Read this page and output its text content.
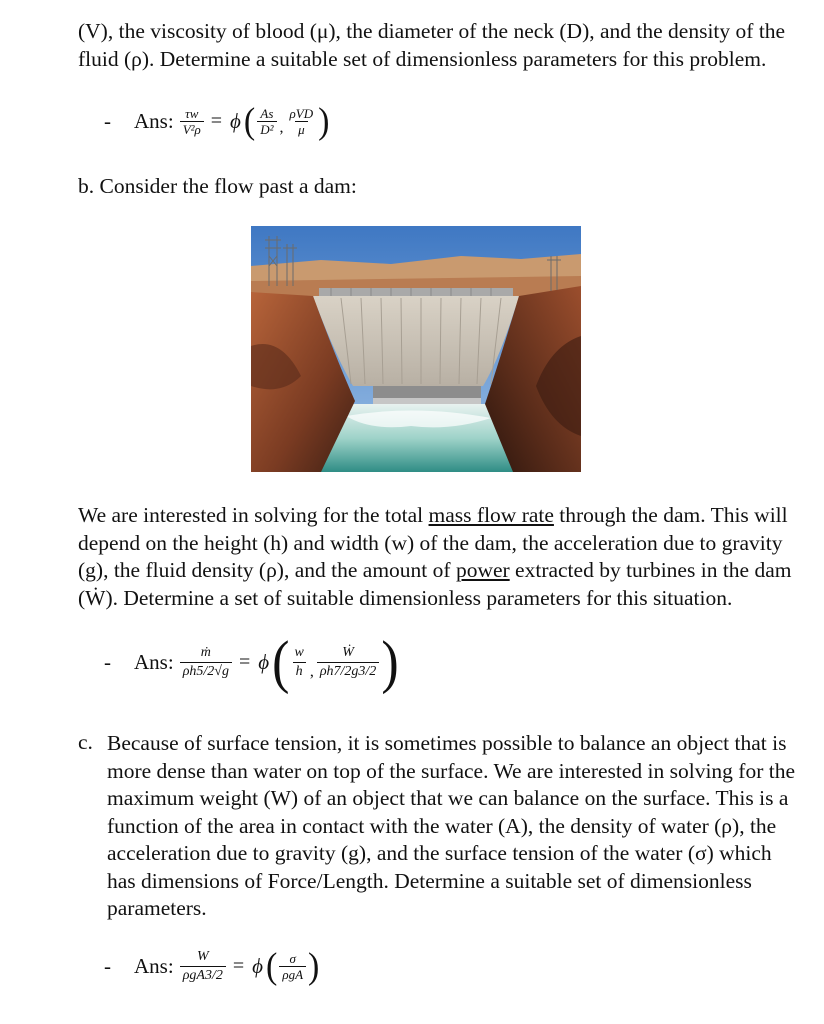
(V), the viscosity of blood (μ), the diameter of the neck (D), and the density of the fluid (ρ). Determine a suitable set of dimensionless parameters for this problem.

-	Ans: $\frac{\tau w}{\text{V²ρ}} = \phi$ ( $\frac{As}{\text{D²}}$ , $\frac{\text{ρVD}}{\mu}$ )

b. Consider the flow past a dam:

We are interested in solving for the total mass flow rate through the dam. This will depend on the height (h) and width (w) of the dam, the acceleration due to gravity (g), the fluid density (ρ), and the amount of power extracted by turbines in the dam (Ẇ). Determine a set of suitable dimensionless parameters for this situation.

-	Ans: $\frac{\text{ṁ}}{\rho h5/2√g} = \phi$ ( $\frac{w}{h}$ , $\frac{\text{Ẇ}}{\rho h7/2g3/2}$ )
c. Because of surface tension, it is sometimes possible to balance an object that is more dense than water on top of the surface. We are interested in solving for the maximum weight (W) of an object that we can balance on the surface. This is a function of the area in contact with the water (A), the density of water (ρ), the acceleration due to gravity (g), and the surface tension of the water (σ) which has dimensions of Force/Length. Determine a suitable set of dimensionless parameters.

-	Ans: $\frac{W}{\text{ρgA3/2}} = \phi$ ( $\frac{\sigma}{\text{ρgA}}$ )
